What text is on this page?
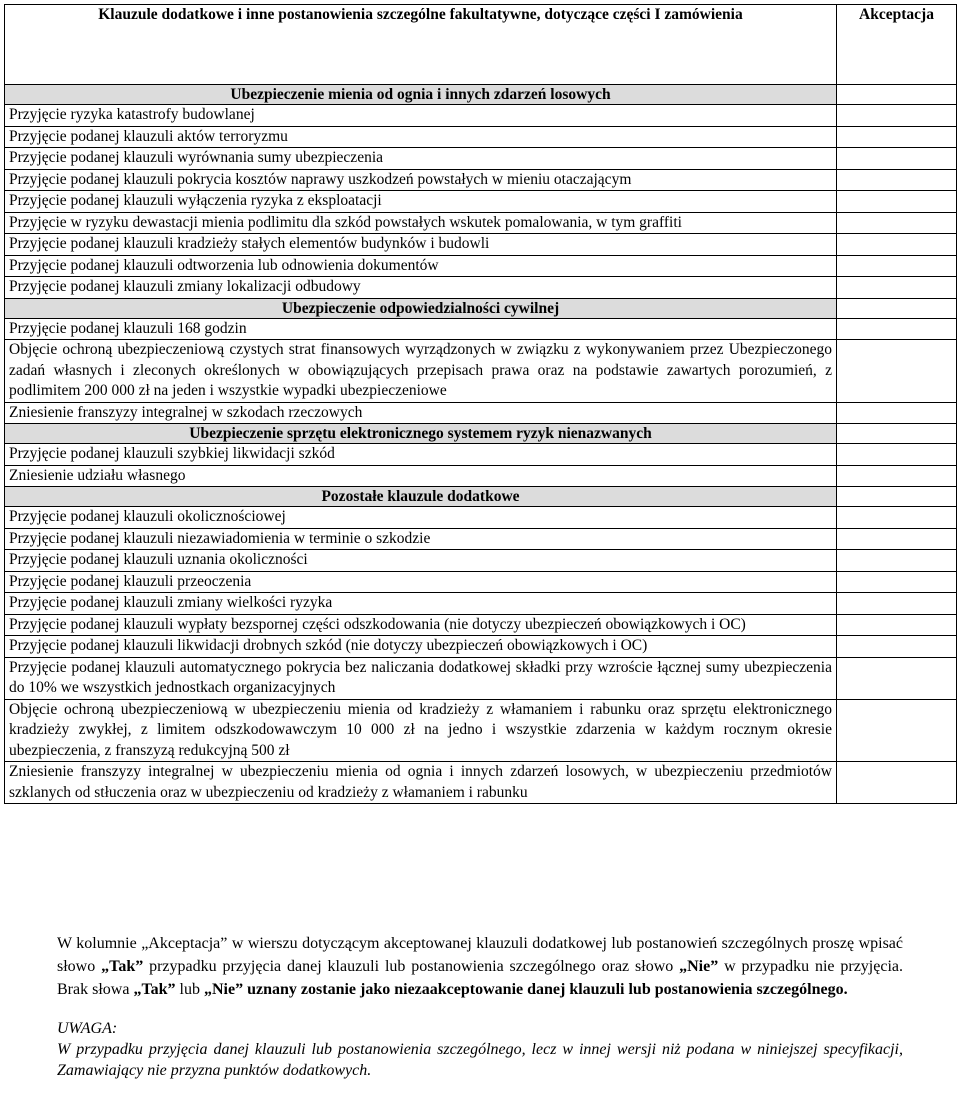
Klauzule dodatkowe i inne postanowienia szczególne fakultatywne, dotyczące części I zamówienia	Akceptacja
Ubezpieczenie mienia od ognia i innych zdarzeń losowych	
Przyjęcie ryzyka katastrofy budowlanej	
Przyjęcie podanej klauzuli aktów terroryzmu	
Przyjęcie podanej klauzuli wyrównania sumy ubezpieczenia	
Przyjęcie podanej klauzuli pokrycia kosztów naprawy uszkodzeń powstałych w mieniu otaczającym	
Przyjęcie podanej klauzuli wyłączenia ryzyka z eksploatacji	
Przyjęcie w ryzyku dewastacji mienia podlimitu dla szkód powstałych wskutek pomalowania, w tym graffiti	
Przyjęcie podanej klauzuli kradzieży stałych elementów budynków i budowli	
Przyjęcie podanej klauzuli odtworzenia lub odnowienia dokumentów	
Przyjęcie podanej klauzuli zmiany lokalizacji odbudowy	
Ubezpieczenie odpowiedzialności cywilnej	
Przyjęcie podanej klauzuli 168 godzin	
Objęcie ochroną ubezpieczeniową czystych strat finansowych wyrządzonych w związku z wykonywaniem przez Ubezpieczonego zadań własnych i zleconych określonych w obowiązujących przepisach prawa oraz na podstawie zawartych porozumień, z podlimitem 200 000 zł na jeden i wszystkie wypadki ubezpieczeniowe	
Zniesienie franszyzy integralnej w szkodach rzeczowych	
Ubezpieczenie sprzętu elektronicznego systemem ryzyk nienazwanych	
Przyjęcie podanej klauzuli szybkiej likwidacji szkód	
Zniesienie udziału własnego	
Pozostałe klauzule dodatkowe	
Przyjęcie podanej klauzuli okolicznościowej	
Przyjęcie podanej klauzuli niezawiadomienia w terminie o szkodzie	
Przyjęcie podanej klauzuli uznania okoliczności	
Przyjęcie podanej klauzuli przeoczenia	
Przyjęcie podanej klauzuli zmiany wielkości ryzyka	
Przyjęcie podanej klauzuli wypłaty bezspornej części odszkodowania (nie dotyczy ubezpieczeń obowiązkowych i OC)	
Przyjęcie podanej klauzuli likwidacji drobnych szkód (nie dotyczy ubezpieczeń obowiązkowych i OC)	
Przyjęcie podanej klauzuli automatycznego pokrycia bez naliczania dodatkowej składki przy wzroście łącznej sumy ubezpieczenia do 10% we wszystkich jednostkach organizacyjnych	
Objęcie ochroną ubezpieczeniową w ubezpieczeniu mienia od kradzieży z włamaniem i rabunku oraz sprzętu elektronicznego kradzieży zwykłej, z limitem odszkodowawczym 10 000 zł na jedno i wszystkie zdarzenia w każdym rocznym okresie ubezpieczenia, z franszyzą redukcyjną 500 zł	
Zniesienie franszyzy integralnej w ubezpieczeniu mienia od ognia i innych zdarzeń losowych, w ubezpieczeniu przedmiotów szklanych od stłuczenia oraz w ubezpieczeniu od kradzieży z włamaniem i rabunku	

W kolumnie „Akceptacja” w wierszu dotyczącym akceptowanej klauzuli dodatkowej lub postanowień szczególnych proszę wpisać słowo „Tak” przypadku przyjęcia danej klauzuli lub postanowienia szczególnego oraz słowo „Nie” w przypadku nie przyjęcia. Brak słowa „Tak” lub „Nie” uznany zostanie jako niezaakceptowanie danej klauzuli lub postanowienia szczególnego.

UWAGA:
W przypadku przyjęcia danej klauzuli lub postanowienia szczególnego, lecz w innej wersji niż podana w niniejszej specyfikacji, Zamawiający nie przyzna punktów dodatkowych.
